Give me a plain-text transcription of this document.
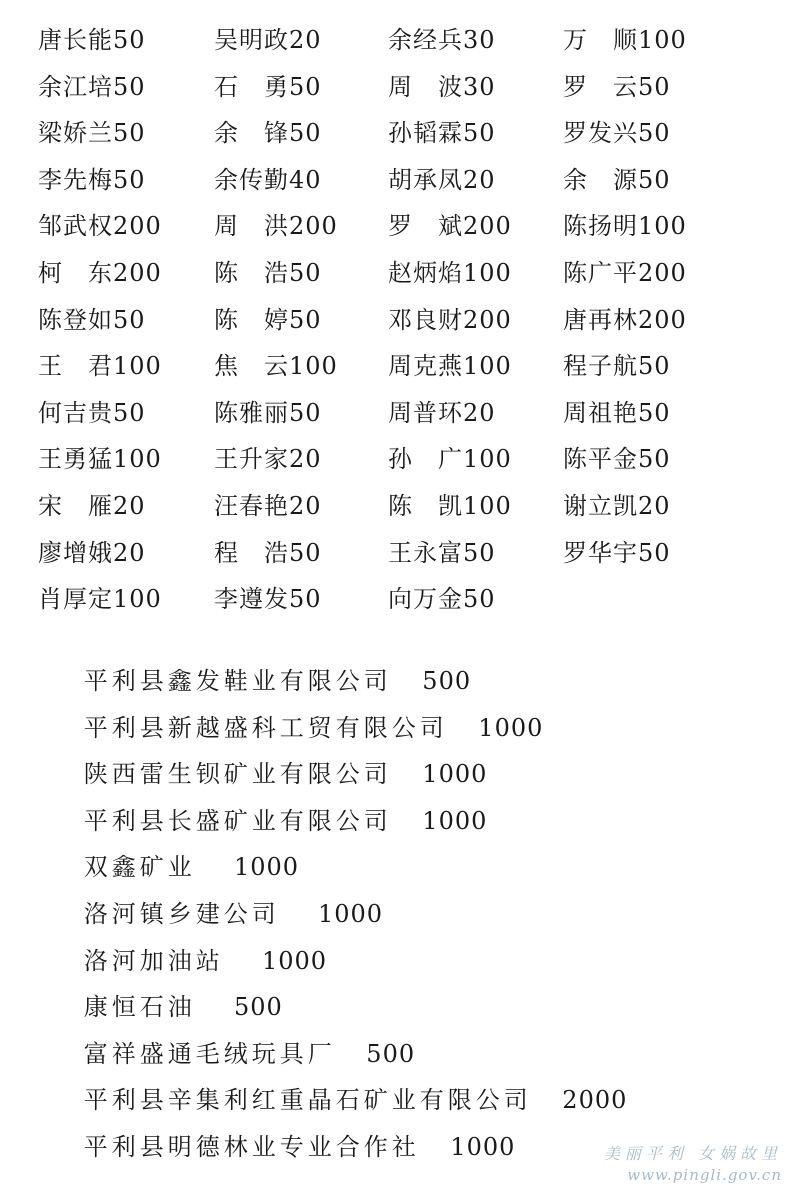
唐长能50	吴明政20	余经兵30	万　顺100
余江培50	石　勇50	周　波30	罗　云50
梁娇兰50	余　锋50	孙韬霖50	罗发兴50
李先梅50	余传勤40	胡承凤20	余　源50
邹武权200 周　洪200 罗　斌200 陈扬明100
柯　东200 陈　浩50	赵炳焰100 陈广平200
陈登如50	陈　婷50	邓良财200 唐再林200
王　君100 焦　云100 周克燕100 程子航50
何吉贵50	陈雅丽50	周普环20	周祖艳50
王勇猛100 王升家20	孙　广100 陈平金50
宋　雁20	汪春艳20	陈　凯100 谢立凯20
廖增娥20	程　浩50	王永富50	罗华宇50
肖厚定100 李遵发50	向万金50

平利县鑫发鞋业有限公司 500

平利县新越盛科工贸有限公司 1000

陕西雷生钡矿业有限公司 1000

平利县长盛矿业有限公司 1000

双鑫矿业 1000

洛河镇乡建公司 1000

洛河加油站 1000

康恒石油 500

富祥盛通毛绒玩具厂 500

平利县辛集利红重晶石矿业有限公司 2000

平利县明德林业专业合作社 1000
	美丽平利 女娲故里
www.pingli.gov.cn
